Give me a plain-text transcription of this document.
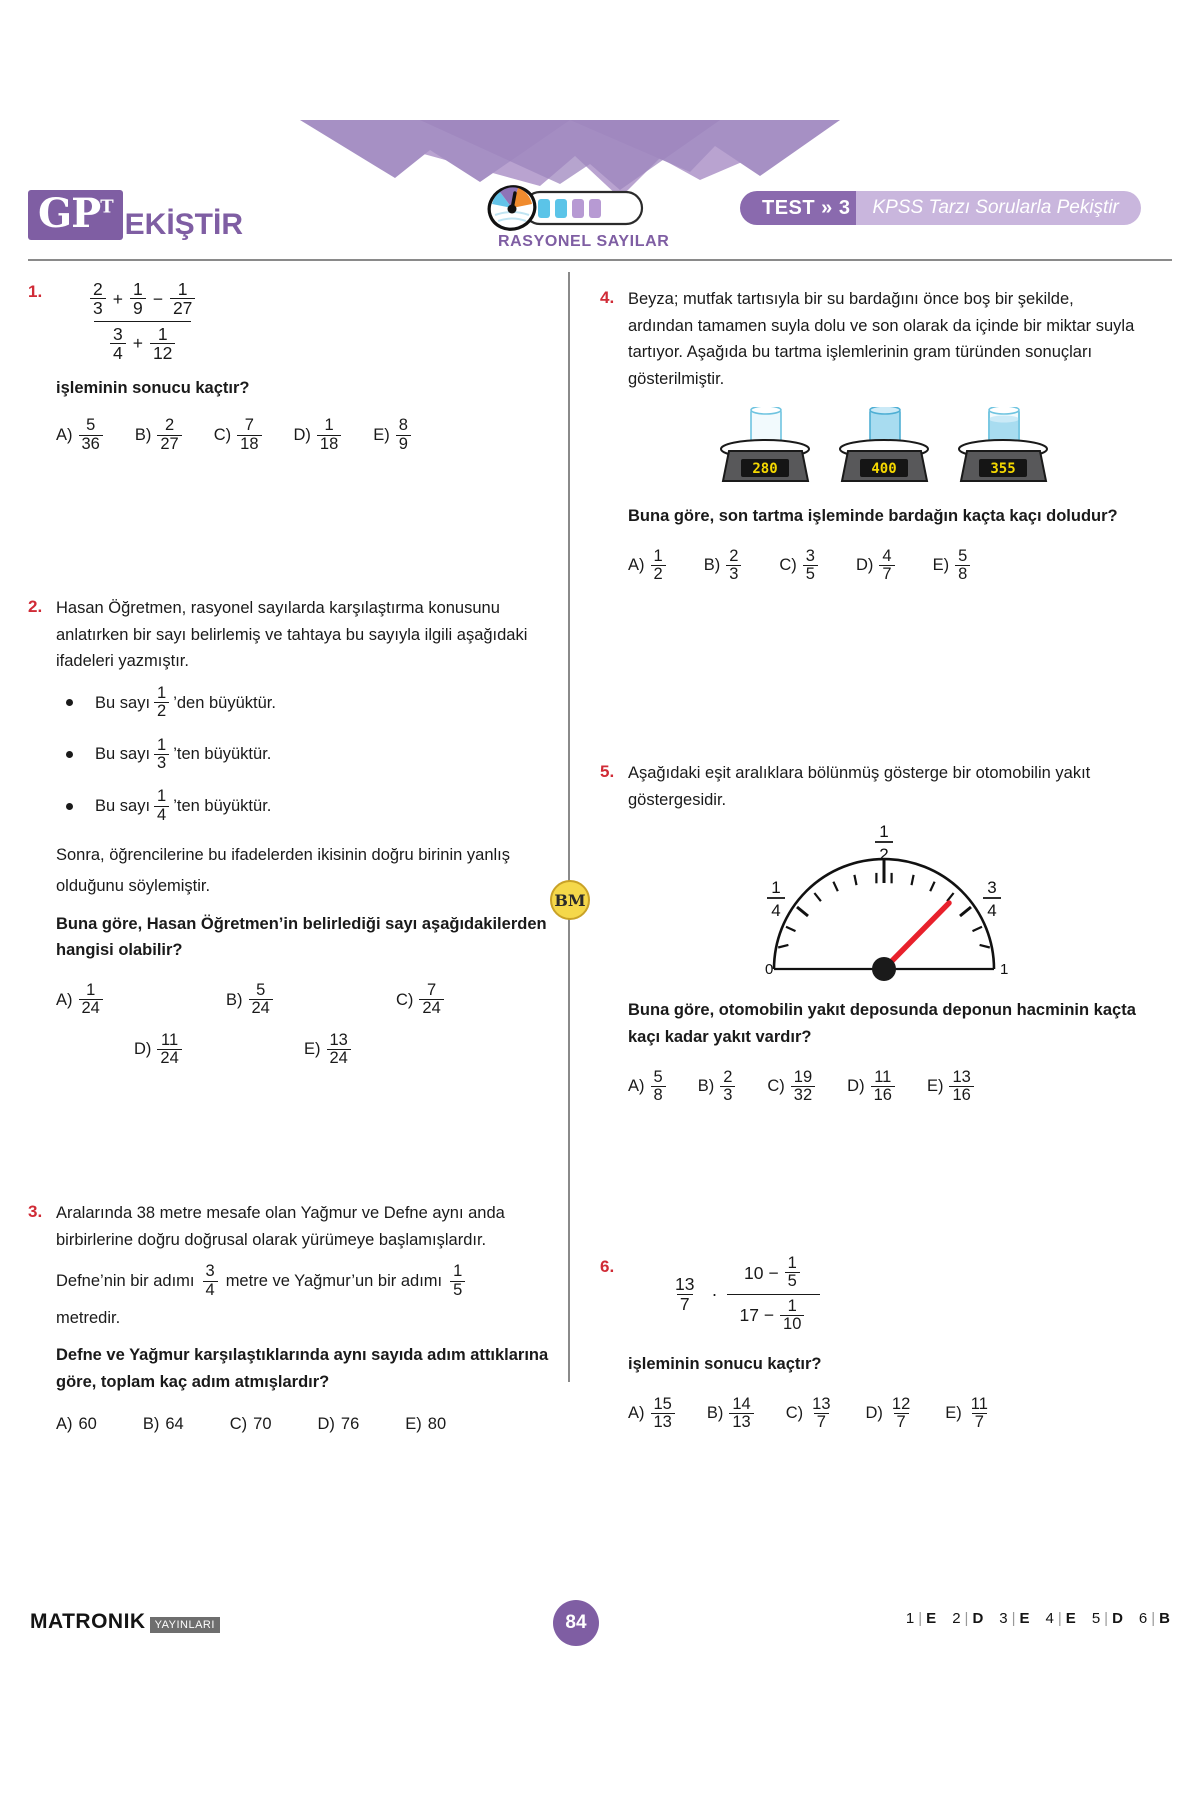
$GP^T$
EKİŞTİR
RASYONEL SAYILAR
TEST » 3	KPSS Tarzı Sorularla Pekiştir
BM
1.	$\frac{2}{3} + \frac{1}{9} - \frac{1}{27}$
$\frac{3}{4} + \frac{1}{12}$
işleminin sonucu kaçtır?
$A) \frac{5}{36} B) \frac{2}{27} C) \frac{7}{18} D) \frac{1}{18} E) \frac{8}{9}$
2. Hasan Öğretmen, rasyonel sayılarda karşılaştırma konusunu anlatırken bir sayı belirlemiş ve tahtaya bu sayıyla ilgili aşağıdaki ifadeleri yazmıştır.
Bu sayı $\frac{1}{2}$ ’den büyüktür.
Bu sayı $\frac{1}{3}$ ’ten büyüktür.
Bu sayı $\frac{1}{4}$ ’ten büyüktür.
Sonra, öğrencilerine bu ifadelerden ikisinin doğru birinin yanlış olduğunu söylemiştir.
Buna göre, Hasan Öğretmen’in belirlediği sayı aşağıdakilerden hangisi olabilir?
$A) \frac{1}{24}$	$B) \frac{5}{24}$	$C) \frac{7}{24}$
$D) \frac{11}{24}$	$E) \frac{13}{24}$
3. Aralarında 38 metre mesafe olan Yağmur ve Defne aynı anda birbirlerine doğru doğrusal olarak yürümeye başlamışlardır.
Defne’nin bir adımı $\frac{3}{4}$ metre ve Yağmur’un bir adımı $\frac{1}{5}$
metredir.
Defne ve Yağmur karşılaştıklarında aynı sayıda adım attıklarına göre, toplam kaç adım atmışlardır?
A) 60	B) 64	C) 70	D) 76	E) 80
4. Beyza; mutfak tartısıyla bir su bardağını önce boş bir şekilde, ardından tamamen suyla dolu ve son olarak da içinde bir miktar suyla tartıyor. Aşağıda bu tartma işlemlerinin gram türünden sonuçları gösterilmiştir.
280	400	355
Buna göre, son tartma işleminde bardağın kaçta kaçı doludur?
$A) \frac{1}{2} B) \frac{2}{3} C) \frac{3}{5} D) \frac{4}{7} E) \frac{5}{8}$
5. Aşağıdaki eşit aralıklara bölünmüş gösterge bir otomobilin yakıt göstergesidir.
0	1
1
4
1
2
3
4
Buna göre, otomobilin yakıt deposunda deponun hacminin kaçta kaçı kadar yakıt vardır?
$A) \frac{5}{8} B) \frac{2}{3} C) \frac{19}{32} D) \frac{11}{16} E) \frac{13}{16}$
6.
$\frac{13}{7} \cdot \frac{10 - \frac{1}{5}}{17 - \frac{1}{10}}$
işleminin sonucu kaçtır?
$A) \frac{15}{13} B) \frac{14}{13} C) \frac{13}{7} D) \frac{12}{7} E) \frac{11}{7}$
MATRONIK YAYINLARI	84	1 | E 2 | D 3 | E 4 | E 5 | D 6 | B
